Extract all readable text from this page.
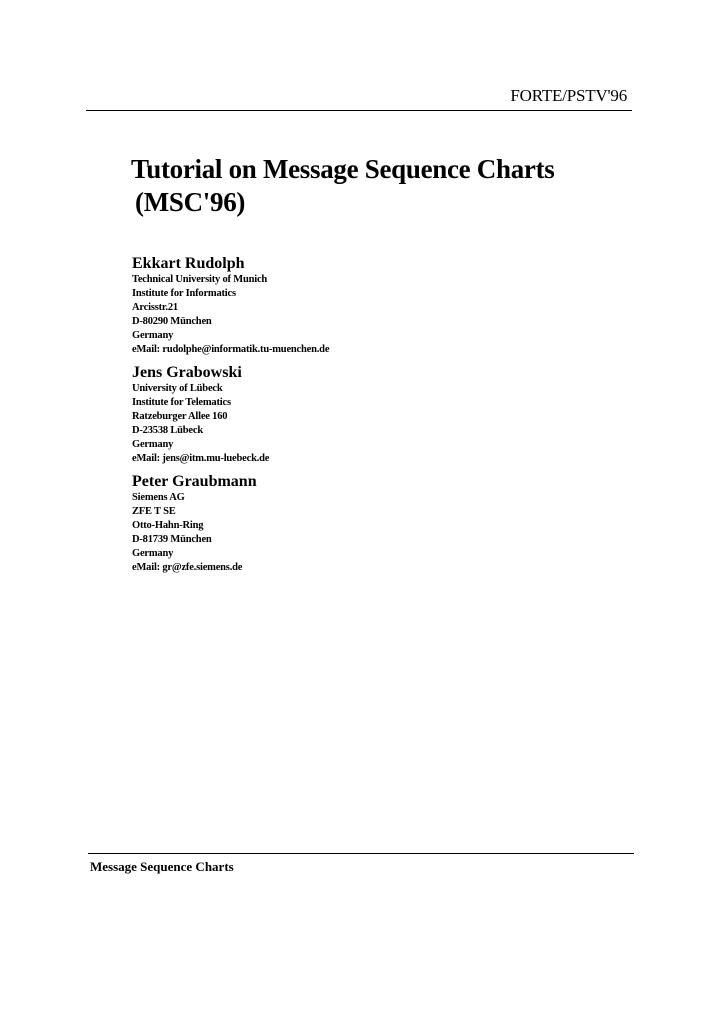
FORTE/PSTV'96
Tutorial on Message Sequence Charts
(MSC'96)
Ekkart Rudolph
Technical University of Munich
Institute for Informatics
Arcisstr.21
D-80290 München
Germany
eMail: rudolphe@informatik.tu-muenchen.de
Jens Grabowski
University of Lübeck
Institute for Telematics
Ratzeburger Allee 160
D-23538 Lübeck
Germany
eMail: jens@itm.mu-luebeck.de
Peter Graubmann
Siemens AG
ZFE T SE
Otto-Hahn-Ring
D-81739 München
Germany
eMail: gr@zfe.siemens.de
Message Sequence Charts
